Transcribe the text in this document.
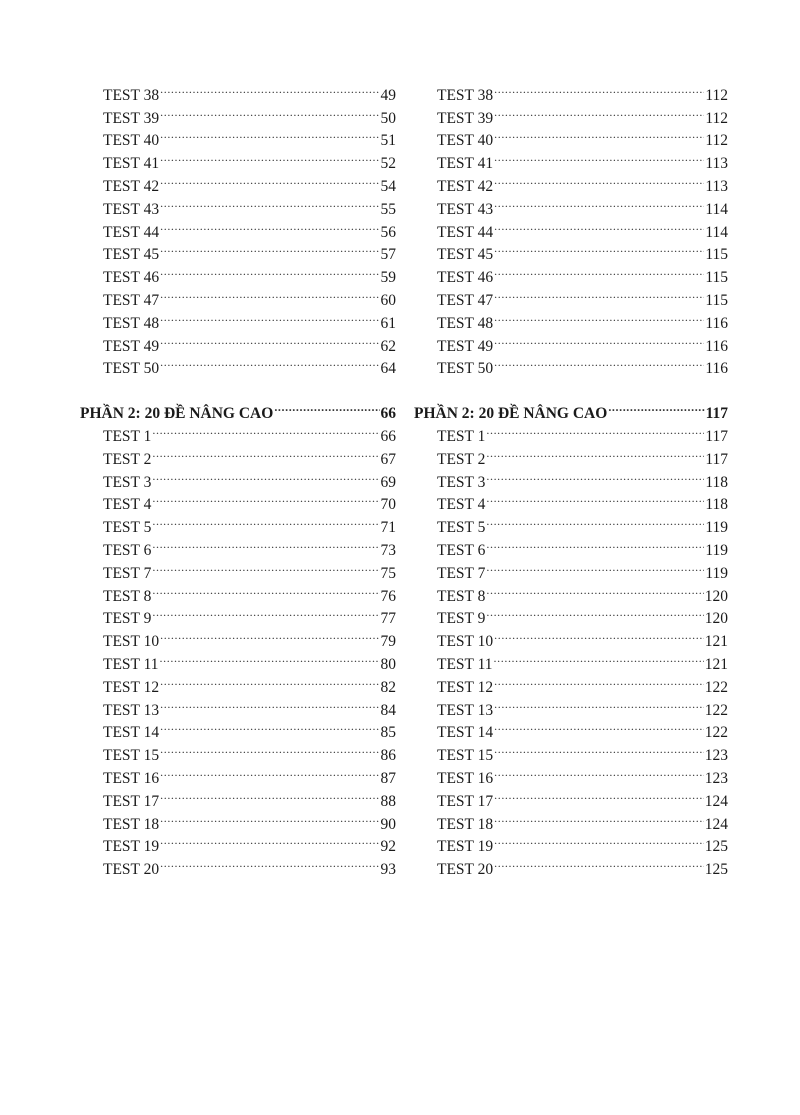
TEST 38 .....	49
TEST 39 .....	50
TEST 40 .....	51
TEST 41 .....	52
TEST 42 .....	54
TEST 43 .....	55
TEST 44 .....	56
TEST 45 .....	57
TEST 46 .....	59
TEST 47 .....	60
TEST 48 .....	61
TEST 49 .....	62
TEST 50 .....	64
PHẦN 2: 20 ĐỀ NÂNG CAO .....	66
TEST 1 .....	66
TEST 2 .....	67
TEST 3 .....	69
TEST 4 .....	70
TEST 5 .....	71
TEST 6 .....	73
TEST 7 .....	75
TEST 8 .....	76
TEST 9 .....	77
TEST 10 .....	79
TEST 11 .....	80
TEST 12 .....	82
TEST 13 .....	84
TEST 14 .....	85
TEST 15 .....	86
TEST 16 .....	87
TEST 17 .....	88
TEST 18 .....	90
TEST 19 .....	92
TEST 20 .....	93
TEST 38 .....	112
TEST 39 .....	112
TEST 40 .....	112
TEST 41 .....	113
TEST 42 .....	113
TEST 43 .....	114
TEST 44 .....	114
TEST 45 .....	115
TEST 46 .....	115
TEST 47 .....	115
TEST 48 .....	116
TEST 49 .....	116
TEST 50 .....	116
PHẦN 2: 20 ĐỀ NÂNG CAO .....	117
TEST 1 .....	117
TEST 2 .....	117
TEST 3 .....	118
TEST 4 .....	118
TEST 5 .....	119
TEST 6 .....	119
TEST 7 .....	119
TEST 8 .....	120
TEST 9 .....	120
TEST 10 .....	121
TEST 11 .....	121
TEST 12 .....	122
TEST 13 .....	122
TEST 14 .....	122
TEST 15 .....	123
TEST 16 .....	123
TEST 17 .....	124
TEST 18 .....	124
TEST 19 .....	125
TEST 20 .....	125
